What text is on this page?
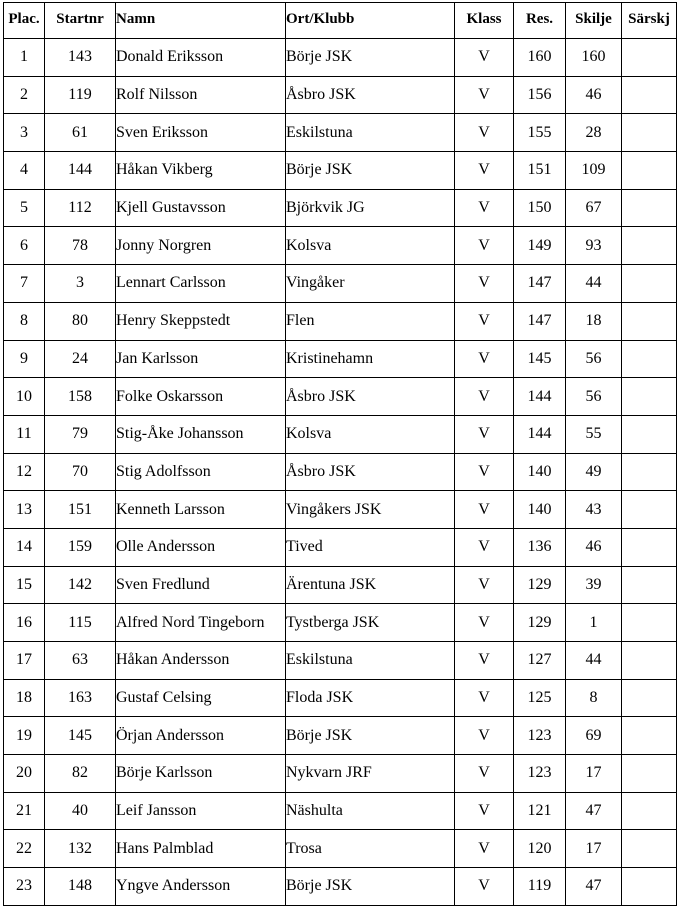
Plac.	Startnr	Namn	Ort/Klubb	Klass	Res.	Skilje	Särskj
1	143	Donald Eriksson	Börje JSK	V	160	160	
2	119	Rolf Nilsson	Åsbro JSK	V	156	46	
3	61	Sven Eriksson	Eskilstuna	V	155	28	
4	144	Håkan Vikberg	Börje JSK	V	151	109	
5	112	Kjell Gustavsson	Björkvik JG	V	150	67	
6	78	Jonny Norgren	Kolsva	V	149	93	
7	3	Lennart Carlsson	Vingåker	V	147	44	
8	80	Henry Skeppstedt	Flen	V	147	18	
9	24	Jan Karlsson	Kristinehamn	V	145	56	
10	158	Folke Oskarsson	Åsbro JSK	V	144	56	
11	79	Stig-Åke Johansson	Kolsva	V	144	55	
12	70	Stig Adolfsson	Åsbro JSK	V	140	49	
13	151	Kenneth Larsson	Vingåkers JSK	V	140	43	
14	159	Olle Andersson	Tived	V	136	46	
15	142	Sven Fredlund	Ärentuna JSK	V	129	39	
16	115	Alfred Nord Tingeborn	Tystberga JSK	V	129	1	
17	63	Håkan Andersson	Eskilstuna	V	127	44	
18	163	Gustaf Celsing	Floda JSK	V	125	8	
19	145	Örjan Andersson	Börje JSK	V	123	69	
20	82	Börje Karlsson	Nykvarn JRF	V	123	17	
21	40	Leif Jansson	Näshulta	V	121	47	
22	132	Hans Palmblad	Trosa	V	120	17	
23	148	Yngve Andersson	Börje JSK	V	119	47	
